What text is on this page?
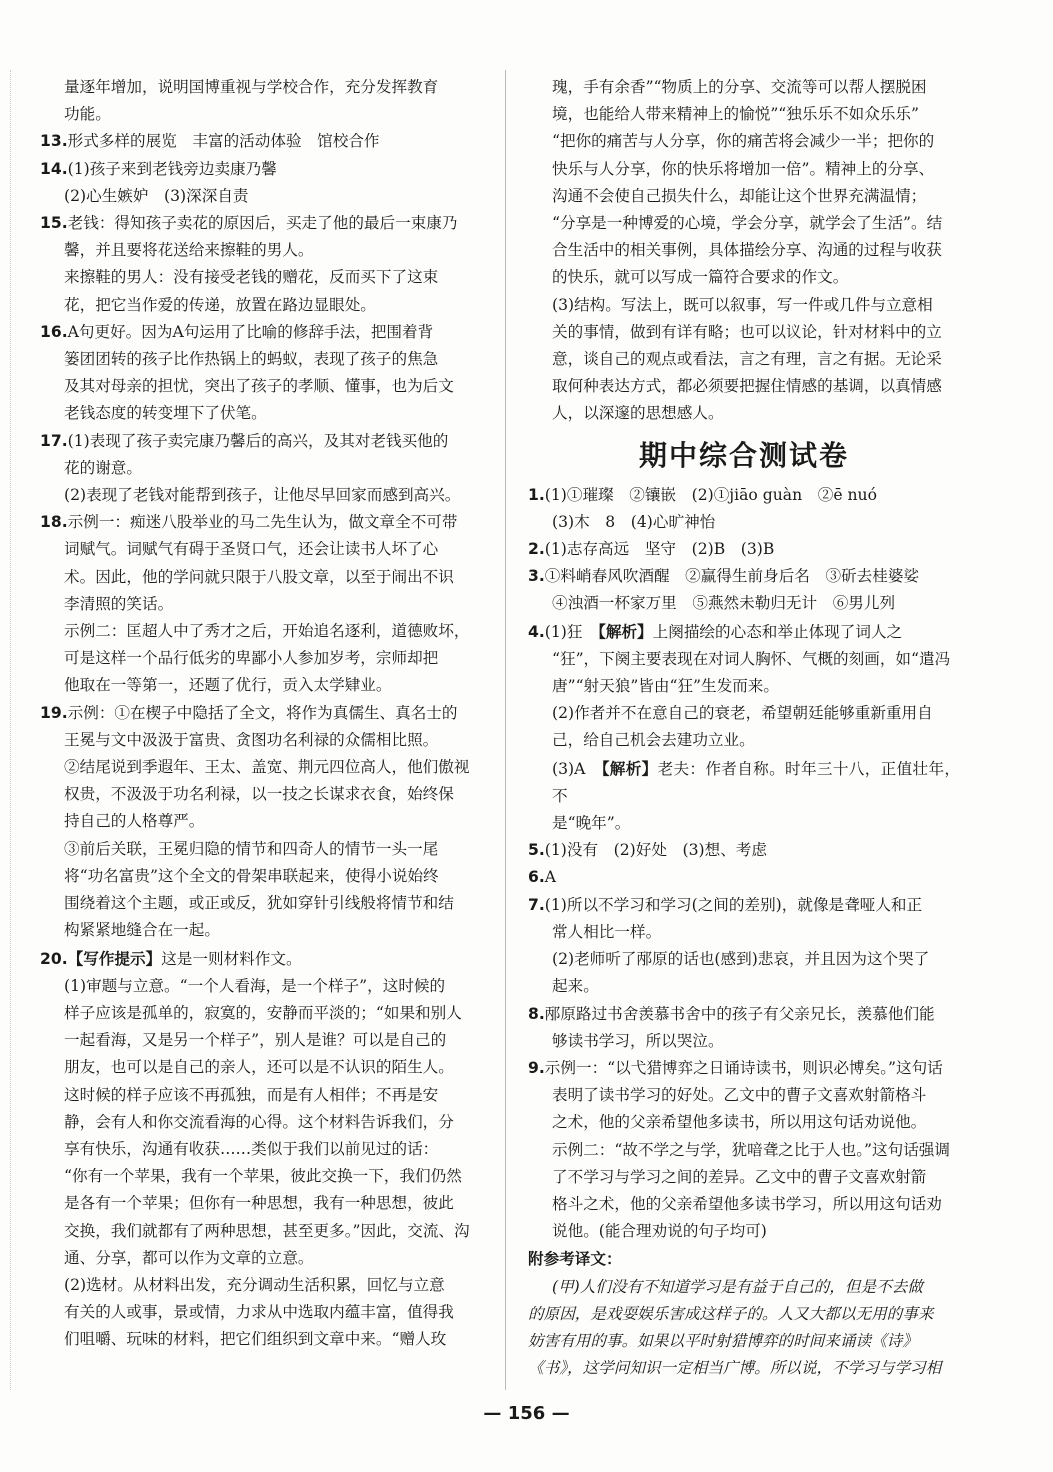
量逐年增加，说明国博重视与学校合作，充分发挥教育

功能。

13.形式多样的展览　丰富的活动体验　馆校合作

14.(1)孩子来到老钱旁边卖康乃馨

(2)心生嫉妒　(3)深深自责

15.老钱：得知孩子卖花的原因后，买走了他的最后一束康乃

馨，并且要将花送给来擦鞋的男人。

来擦鞋的男人：没有接受老钱的赠花，反而买下了这束

花，把它当作爱的传递，放置在路边显眼处。

16.A句更好。因为A句运用了比喻的修辞手法，把围着背

篓团团转的孩子比作热锅上的蚂蚁，表现了孩子的焦急

及其对母亲的担忧，突出了孩子的孝顺、懂事，也为后文

老钱态度的转变埋下了伏笔。

17.(1)表现了孩子卖完康乃馨后的高兴，及其对老钱买他的

花的谢意。

(2)表现了老钱对能帮到孩子，让他尽早回家而感到高兴。

18.示例一：痴迷八股举业的马二先生认为，做文章全不可带

词赋气。词赋气有碍于圣贤口气，还会让读书人坏了心

术。因此，他的学问就只限于八股文章，以至于闹出不识

李清照的笑话。

示例二：匡超人中了秀才之后，开始追名逐利，道德败坏，

可是这样一个品行低劣的卑鄙小人参加岁考，宗师却把

他取在一等第一，还题了优行，贡入太学肄业。

19.示例：①在楔子中隐括了全文，将作为真儒生、真名士的

王冕与文中汲汲于富贵、贪图功名利禄的众儒相比照。

②结尾说到季遐年、王太、盖宽、荆元四位高人，他们傲视

权贵，不汲汲于功名利禄，以一技之长谋求衣食，始终保

持自己的人格尊严。

③前后关联，王冕归隐的情节和四奇人的情节一头一尾

将“功名富贵”这个全文的骨架串联起来，使得小说始终

围绕着这个主题，或正或反，犹如穿针引线般将情节和结

构紧紧地缝合在一起。

20.【写作提示】这是一则材料作文。

(1)审题与立意。“一个人看海，是一个样子”，这时候的

样子应该是孤单的，寂寞的，安静而平淡的；“如果和别人

一起看海，又是另一个样子”，别人是谁？可以是自己的

朋友，也可以是自己的亲人，还可以是不认识的陌生人。

这时候的样子应该不再孤独，而是有人相伴；不再是安

静，会有人和你交流看海的心得。这个材料告诉我们，分

享有快乐，沟通有收获……类似于我们以前见过的话：

“你有一个苹果，我有一个苹果，彼此交换一下，我们仍然

是各有一个苹果；但你有一种思想，我有一种思想，彼此

交换，我们就都有了两种思想，甚至更多。”因此，交流、沟

通、分享，都可以作为文章的立意。

(2)选材。从材料出发，充分调动生活积累，回忆与立意

有关的人或事，景或情，力求从中选取内蕴丰富，值得我

们咀嚼、玩味的材料，把它们组织到文章中来。“赠人玫

瑰，手有余香”“物质上的分享、交流等可以帮人摆脱困

境，也能给人带来精神上的愉悦”“独乐乐不如众乐乐”

“把你的痛苦与人分享，你的痛苦将会减少一半；把你的

快乐与人分享，你的快乐将增加一倍”。精神上的分享、

沟通不会使自己损失什么，却能让这个世界充满温情；

“分享是一种博爱的心境，学会分享，就学会了生活”。结

合生活中的相关事例，具体描绘分享、沟通的过程与收获

的快乐，就可以写成一篇符合要求的作文。

(3)结构。写法上，既可以叙事，写一件或几件与立意相

关的事情，做到有详有略；也可以议论，针对材料中的立

意，谈自己的观点或看法，言之有理，言之有据。无论采

取何种表达方式，都必须要把握住情感的基调，以真情感

人，以深邃的思想感人。

期中综合测试卷

1.(1)①璀璨　②镶嵌　(2)①jiāo guàn　②ē nuó

(3)木　8　(4)心旷神怡

2.(1)志存高远　坚守　(2)B　(3)B

3.①料峭春风吹酒醒　②赢得生前身后名　③斫去桂婆娑

④浊酒一杯家万里　⑤燕然未勒归无计　⑥男儿列

4.(1)狂　【解析】上阕描绘的心态和举止体现了词人之

“狂”，下阕主要表现在对词人胸怀、气概的刻画，如“遣冯

唐”“射天狼”皆由“狂”生发而来。

(2)作者并不在意自己的衰老，希望朝廷能够重新重用自

己，给自己机会去建功立业。

(3)A　【解析】老夫：作者自称。时年三十八，正值壮年，不

是“晚年”。

5.(1)没有　(2)好处　(3)想、考虑

6.A

7.(1)所以不学习和学习(之间的差别)，就像是聋哑人和正

常人相比一样。

(2)老师听了邴原的话也(感到)悲哀，并且因为这个哭了

起来。

8.邴原路过书舍羡慕书舍中的孩子有父亲兄长，羡慕他们能

够读书学习，所以哭泣。

9.示例一：“以弋猎博弈之日诵诗读书，则识必博矣。”这句话

表明了读书学习的好处。乙文中的曹子文喜欢射箭格斗

之术，他的父亲希望他多读书，所以用这句话劝说他。

示例二：“故不学之与学，犹喑聋之比于人也。”这句话强调

了不学习与学习之间的差异。乙文中的曹子文喜欢射箭

格斗之术，他的父亲希望他多读书学习，所以用这句话劝

说他。(能合理劝说的句子均可)

附参考译文：

(甲)人们没有不知道学习是有益于自己的，但是不去做

的原因，是戏耍娱乐害成这样子的。人又大都以无用的事来

妨害有用的事。如果以平时射猎博弈的时间来诵读《诗》

《书》，这学问知识一定相当广博。所以说，不学习与学习相

— 156 —
